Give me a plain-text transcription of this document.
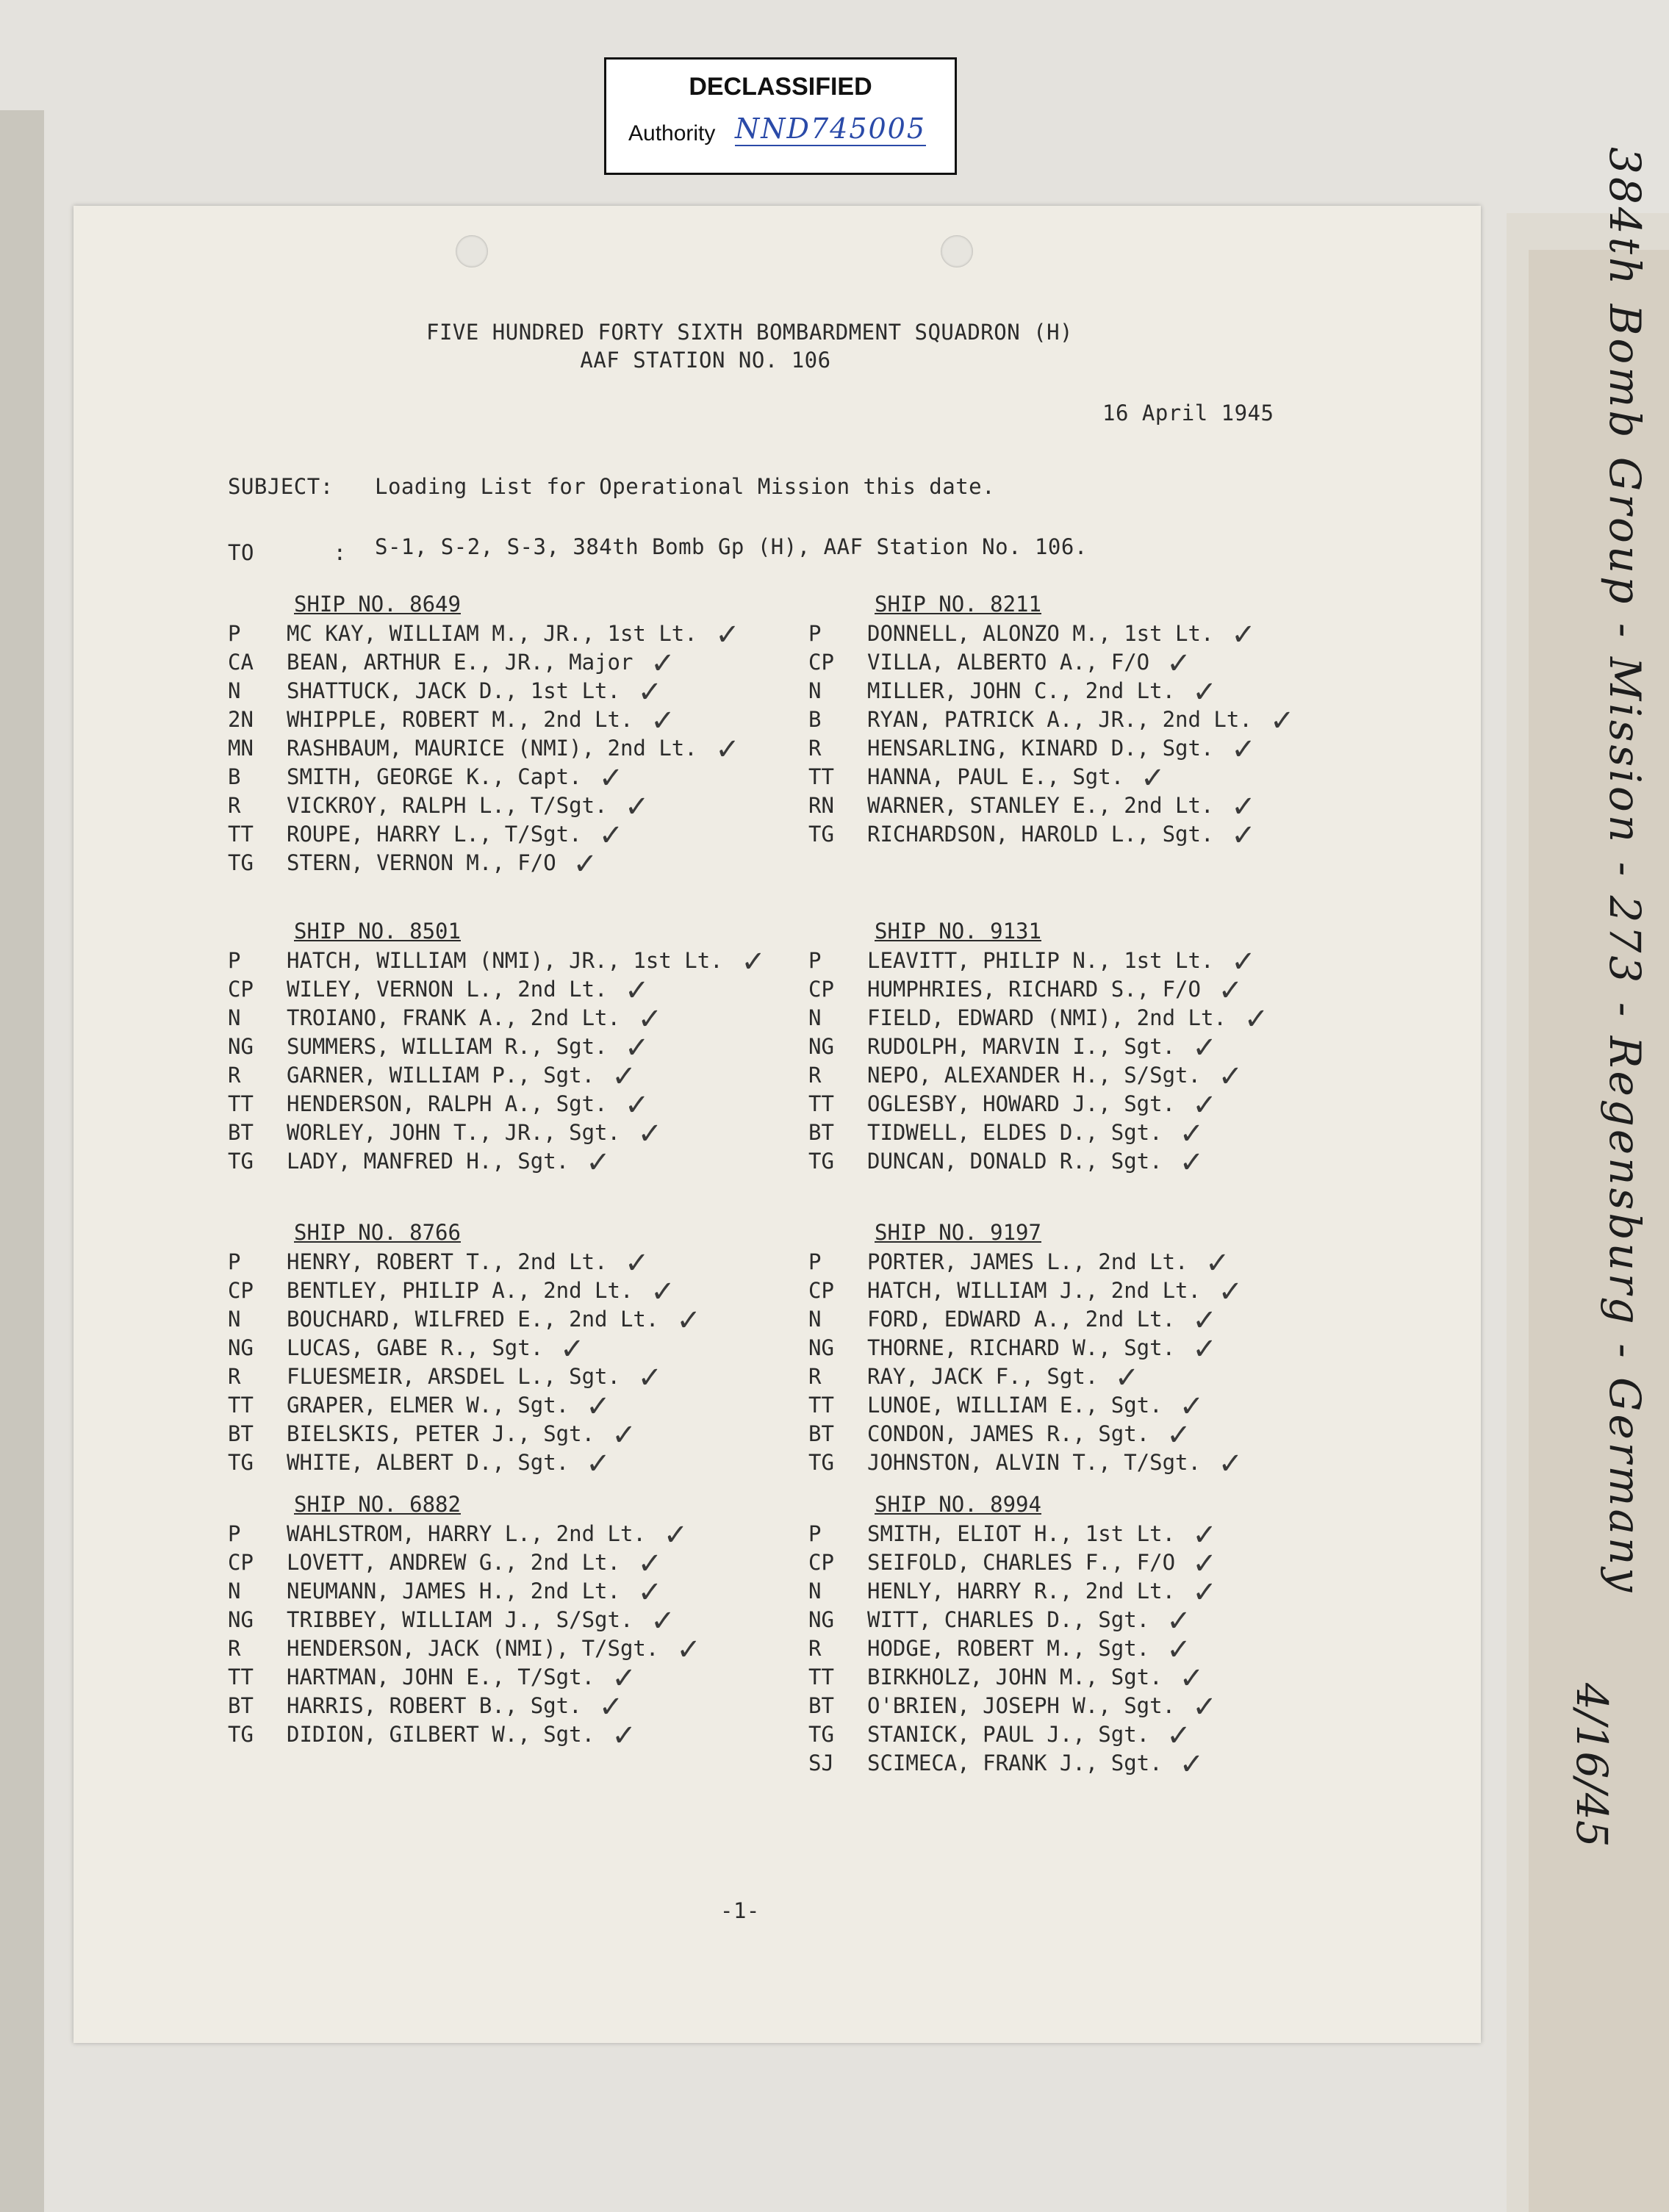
DECLASSIFIED
Authority NND745005
FIVE HUNDRED FORTY SIXTH BOMBARDMENT SQUADRON (H)
AAF STATION NO. 106
16 April 1945
SUBJECT: Loading List for Operational Mission this date.
TO      : S-1, S-2, S-3, 384th Bomb Gp (H), AAF Station No. 106.
SHIP NO. 8649
P	MC KAY, WILLIAM M., JR., 1st Lt. ✓
CA	BEAN, ARTHUR E., JR., Major ✓
N	SHATTUCK, JACK D., 1st Lt. ✓
2N	WHIPPLE, ROBERT M., 2nd Lt. ✓
MN	RASHBAUM, MAURICE (NMI), 2nd Lt. ✓
B	SMITH, GEORGE K., Capt. ✓
R	VICKROY, RALPH L., T/Sgt. ✓
TT	ROUPE, HARRY L., T/Sgt. ✓
TG	STERN, VERNON M., F/O ✓
SHIP NO. 8211
P	DONNELL, ALONZO M., 1st Lt. ✓
CP	VILLA, ALBERTO A., F/O ✓
N	MILLER, JOHN C., 2nd Lt. ✓
B	RYAN, PATRICK A., JR., 2nd Lt. ✓
R	HENSARLING, KINARD D., Sgt. ✓
TT	HANNA, PAUL E., Sgt. ✓
RN	WARNER, STANLEY E., 2nd Lt. ✓
TG	RICHARDSON, HAROLD L., Sgt. ✓
SHIP NO. 8501
P	HATCH, WILLIAM (NMI), JR., 1st Lt. ✓
CP	WILEY, VERNON L., 2nd Lt. ✓
N	TROIANO, FRANK A., 2nd Lt. ✓
NG	SUMMERS, WILLIAM R., Sgt. ✓
R	GARNER, WILLIAM P., Sgt. ✓
TT	HENDERSON, RALPH A., Sgt. ✓
BT	WORLEY, JOHN T., JR., Sgt. ✓
TG	LADY, MANFRED H., Sgt. ✓
SHIP NO. 9131
P	LEAVITT, PHILIP N., 1st Lt. ✓
CP	HUMPHRIES, RICHARD S., F/O ✓
N	FIELD, EDWARD (NMI), 2nd Lt. ✓
NG	RUDOLPH, MARVIN I., Sgt. ✓
R	NEPO, ALEXANDER H., S/Sgt. ✓
TT	OGLESBY, HOWARD J., Sgt. ✓
BT	TIDWELL, ELDES D., Sgt. ✓
TG	DUNCAN, DONALD R., Sgt. ✓
SHIP NO. 8766
P	HENRY, ROBERT T., 2nd Lt. ✓
CP	BENTLEY, PHILIP A., 2nd Lt. ✓
N	BOUCHARD, WILFRED E., 2nd Lt. ✓
NG	LUCAS, GABE R., Sgt. ✓
R	FLUESMEIR, ARSDEL L., Sgt. ✓
TT	GRAPER, ELMER W., Sgt. ✓
BT	BIELSKIS, PETER J., Sgt. ✓
TG	WHITE, ALBERT D., Sgt. ✓
SHIP NO. 9197
P	PORTER, JAMES L., 2nd Lt. ✓
CP	HATCH, WILLIAM J., 2nd Lt. ✓
N	FORD, EDWARD A., 2nd Lt. ✓
NG	THORNE, RICHARD W., Sgt. ✓
R	RAY, JACK F., Sgt. ✓
TT	LUNOE, WILLIAM E., Sgt. ✓
BT	CONDON, JAMES R., Sgt. ✓
TG	JOHNSTON, ALVIN T., T/Sgt. ✓
SHIP NO. 6882
P	WAHLSTROM, HARRY L., 2nd Lt. ✓
CP	LOVETT, ANDREW G., 2nd Lt. ✓
N	NEUMANN, JAMES H., 2nd Lt. ✓
NG	TRIBBEY, WILLIAM J., S/Sgt. ✓
R	HENDERSON, JACK (NMI), T/Sgt. ✓
TT	HARTMAN, JOHN E., T/Sgt. ✓
BT	HARRIS, ROBERT B., Sgt. ✓
TG	DIDION, GILBERT W., Sgt. ✓
SHIP NO. 8994
P	SMITH, ELIOT H., 1st Lt. ✓
CP	SEIFOLD, CHARLES F., F/O ✓
N	HENLY, HARRY R., 2nd Lt. ✓
NG	WITT, CHARLES D., Sgt. ✓
R	HODGE, ROBERT M., Sgt. ✓
TT	BIRKHOLZ, JOHN M., Sgt. ✓
BT	O'BRIEN, JOSEPH W., Sgt. ✓
TG	STANICK, PAUL J., Sgt. ✓
SJ	SCIMECA, FRANK J., Sgt. ✓
-1-
384th Bomb Group - Mission - 273 - Regensburg - Germany
4/16/45
